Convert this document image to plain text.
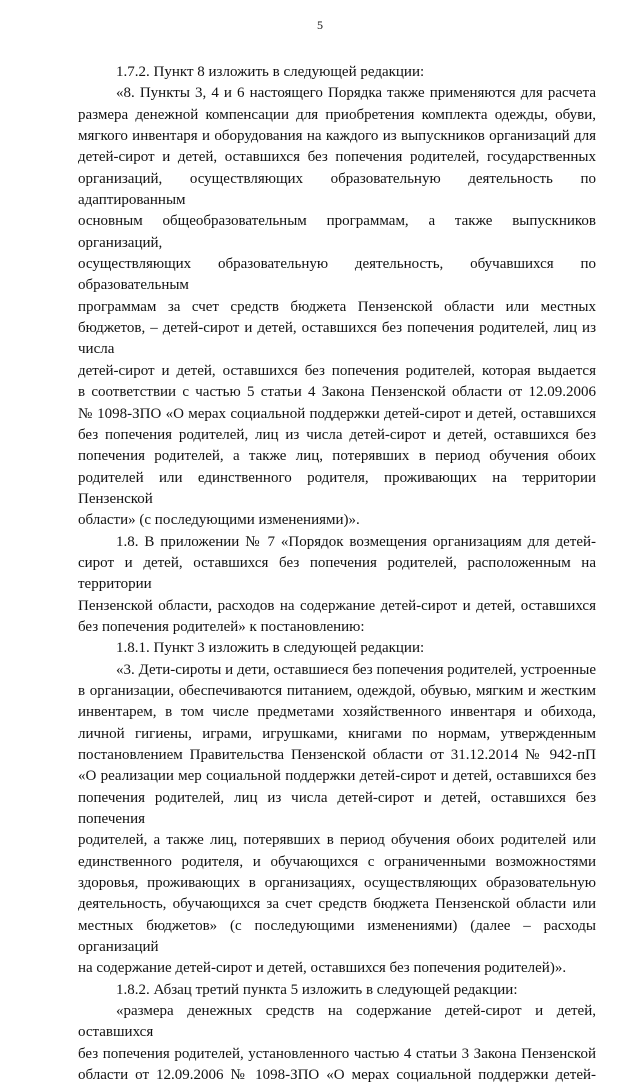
5

1.7.2. Пункт 8 изложить в следующей редакции:

«8. Пункты 3, 4 и 6 настоящего Порядка также применяются для расчета

размера денежной компенсации для приобретения комплекта одежды, обуви,

мягкого инвентаря и оборудования на каждого из выпускников организаций для

детей-сирот и детей, оставшихся без попечения родителей, государственных

организаций, осуществляющих образовательную деятельность по адаптированным

основным общеобразовательным программам, а также выпускников организаций,

осуществляющих образовательную деятельность, обучавшихся по образовательным

программам за счет средств бюджета Пензенской области или местных

бюджетов, – детей-сирот и детей, оставшихся без попечения родителей, лиц из числа

детей-сирот и детей, оставшихся без попечения родителей, которая выдается

в соответствии с частью 5 статьи 4 Закона Пензенской области от 12.09.2006

№ 1098-ЗПО «О мерах социальной поддержки детей-сирот и детей, оставшихся

без попечения родителей, лиц из числа детей-сирот и детей, оставшихся без

попечения родителей, а также лиц, потерявших в период обучения обоих

родителей или единственного родителя, проживающих на территории Пензенской

области» (с последующими изменениями)».

1.8. В приложении № 7 «Порядок возмещения организациям для детей-

сирот и детей, оставшихся без попечения родителей, расположенным на территории

Пензенской области, расходов на содержание детей-сирот и детей, оставшихся

без попечения родителей» к постановлению:

1.8.1. Пункт 3 изложить в следующей редакции:

«3. Дети-сироты и дети, оставшиеся без попечения родителей, устроенные

в организации, обеспечиваются питанием, одеждой, обувью, мягким и жестким

инвентарем, в том числе предметами хозяйственного инвентаря и обихода,

личной гигиены, играми, игрушками, книгами по нормам, утвержденным

постановлением Правительства Пензенской области от 31.12.2014 № 942-пП

«О реализации мер социальной поддержки детей-сирот и детей, оставшихся без

попечения родителей, лиц из числа детей-сирот и детей, оставшихся без попечения

родителей, а также лиц, потерявших в период обучения обоих родителей или

единственного родителя, и обучающихся с ограниченными возможностями

здоровья, проживающих в организациях, осуществляющих образовательную

деятельность, обучающихся за счет средств бюджета Пензенской области или

местных бюджетов» (с последующими изменениями) (далее – расходы организаций

на содержание детей-сирот и детей, оставшихся без попечения родителей)».

1.8.2. Абзац третий пункта 5 изложить в следующей редакции:

«размера денежных средств на содержание детей-сирот и детей, оставшихся

без попечения родителей, установленного частью 4 статьи 3 Закона Пензенской

области от 12.09.2006 № 1098-ЗПО «О мерах социальной поддержки детей-
